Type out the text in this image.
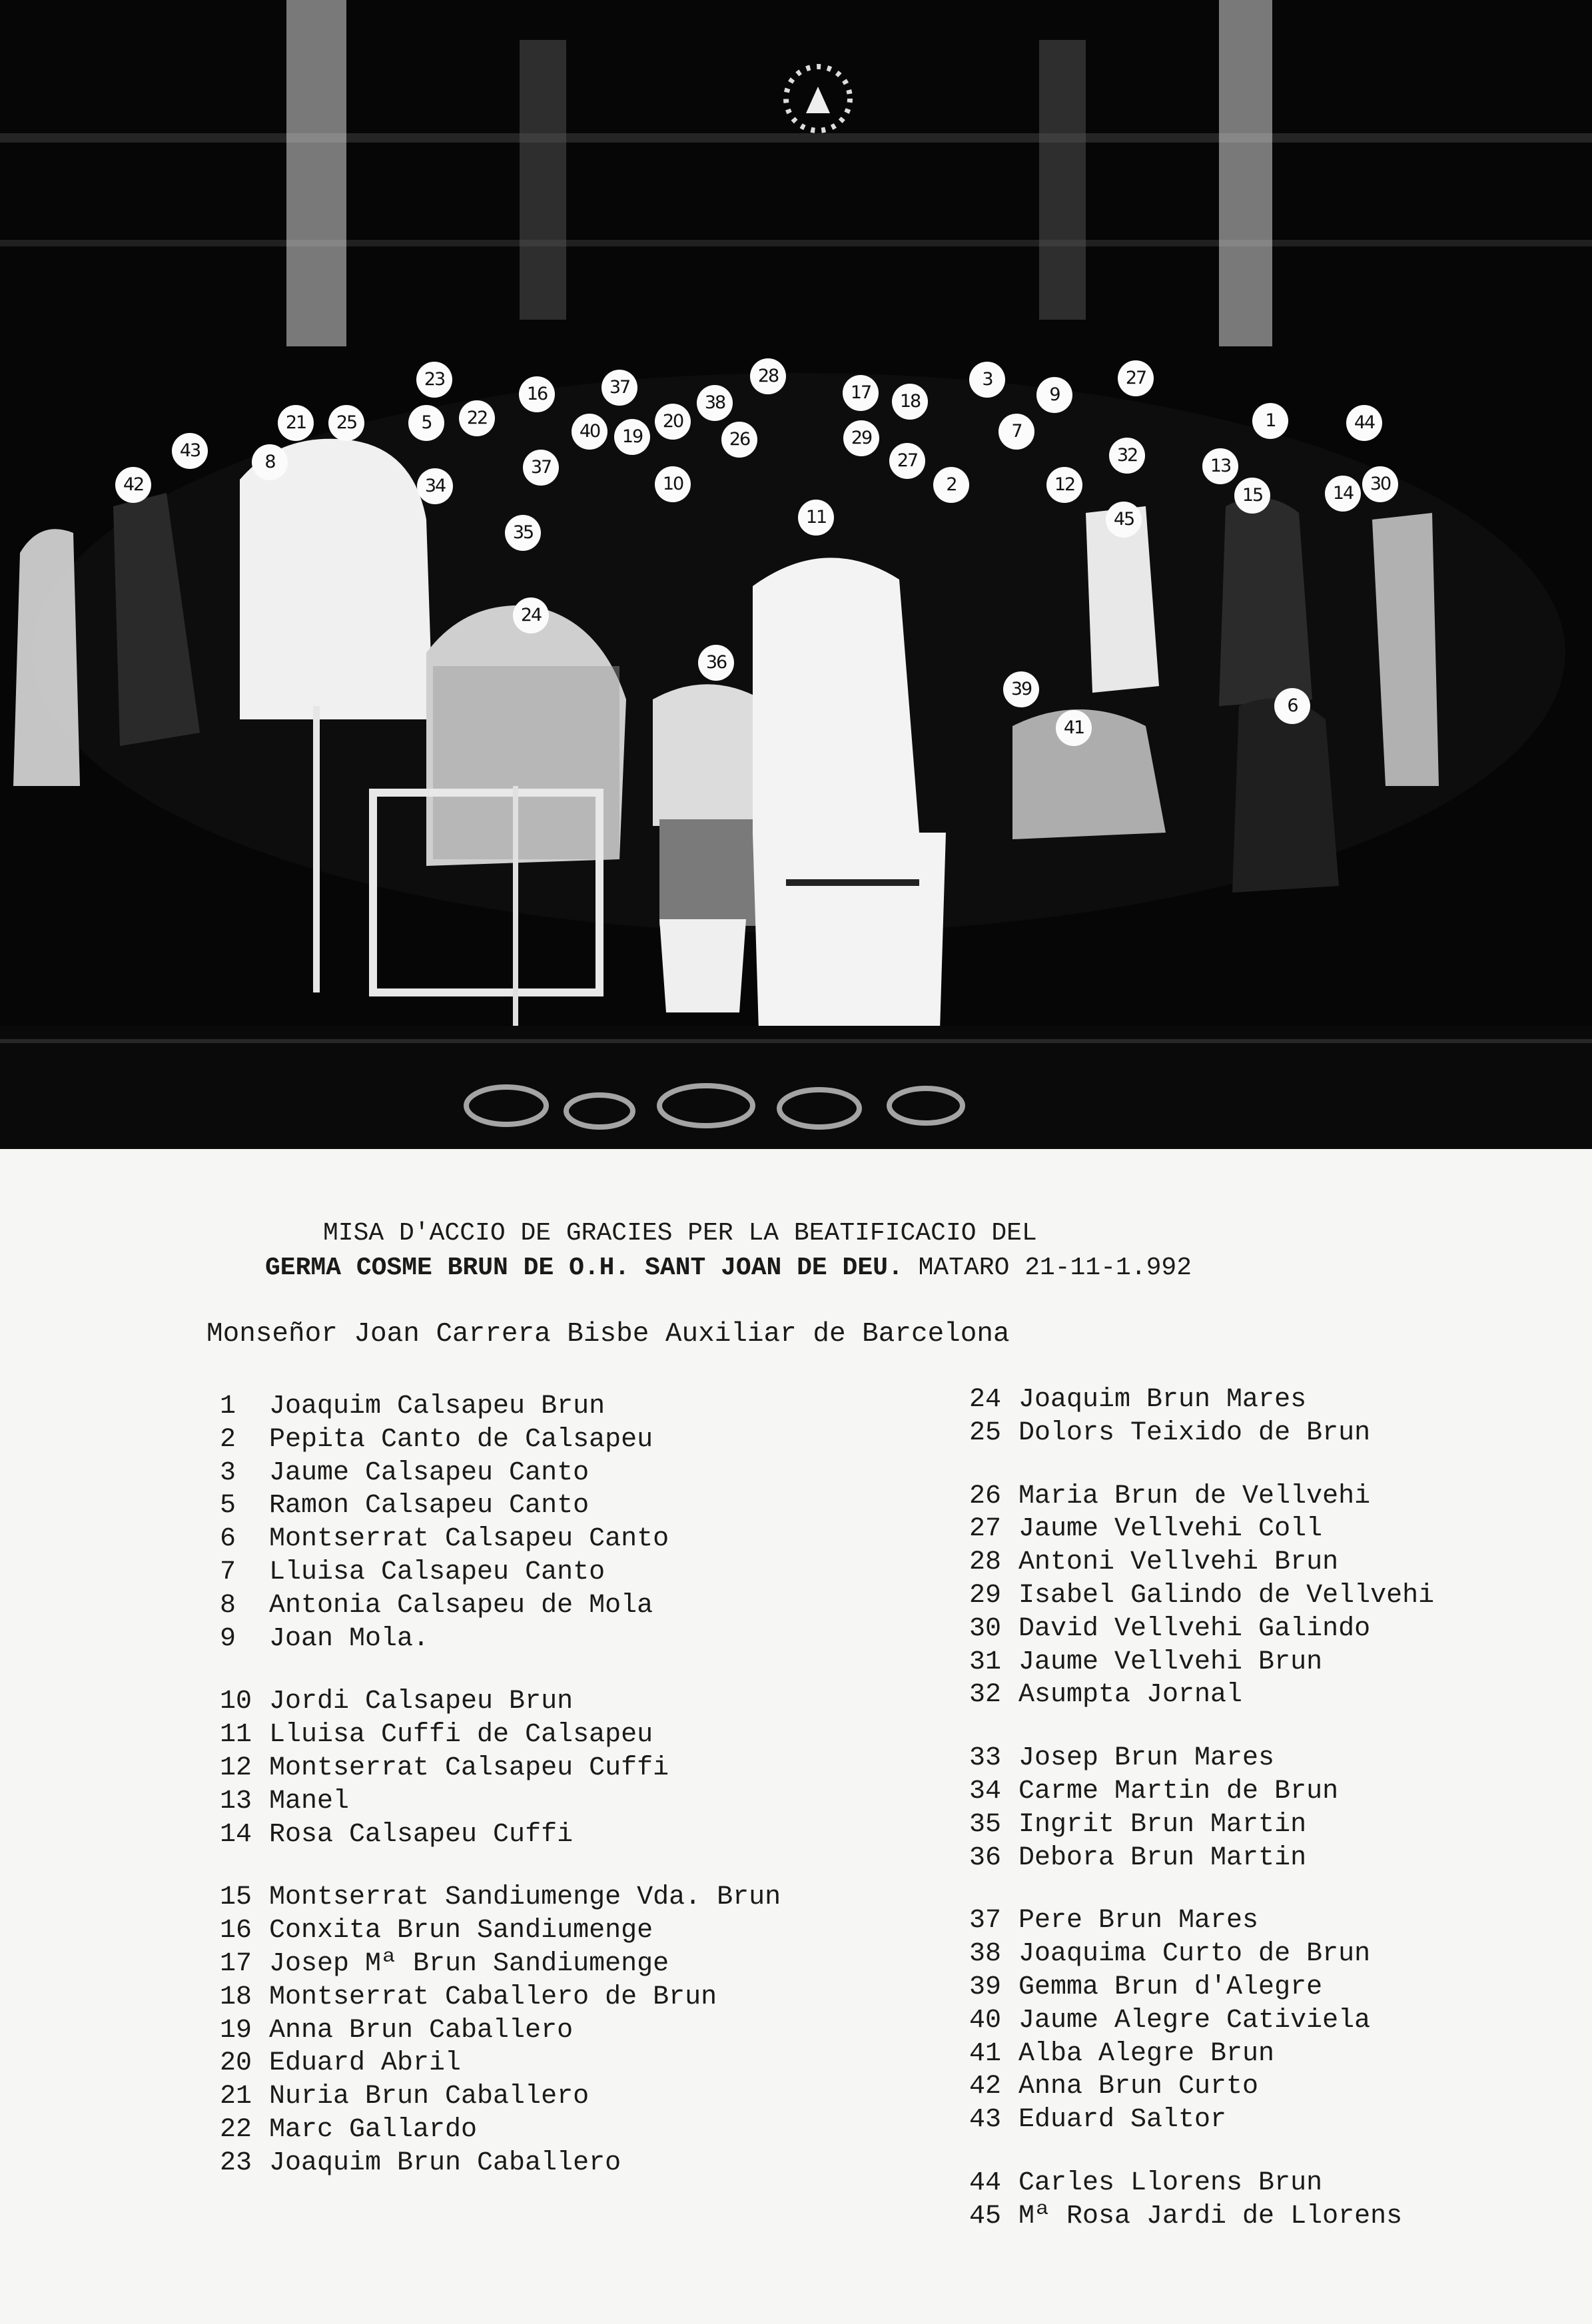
1
2
3
5
6
7
8
9
10
11
12
13
14
15
16	17	18
19
20
21	22
23
24
25
26
27
27
28
29
30
32
34
35
36
37
37
38
39
40
41
42
43
44
45
MISA D'ACCIO DE GRACIES PER LA BEATIFICACIO DEL
GERMA COSME BRUN DE O.H. SANT JOAN DE DEU. MATARO 21-11-1.992
Monseñor Joan Carrera Bisbe Auxiliar de Barcelona
1 Joaquim Calsapeu Brun
2 Pepita Canto de Calsapeu
3 Jaume Calsapeu Canto
5 Ramon Calsapeu Canto
6 Montserrat Calsapeu Canto
7 Lluisa Calsapeu Canto
8 Antonia Calsapeu de Mola
9 Joan Mola.
10 Jordi Calsapeu Brun
11 Lluisa Cuffi de Calsapeu
12 Montserrat Calsapeu Cuffi
13 Manel
14 Rosa Calsapeu Cuffi
15 Montserrat Sandiumenge Vda. Brun
16 Conxita Brun Sandiumenge
17 Josep Mª Brun Sandiumenge
18 Montserrat Caballero de Brun
19 Anna Brun Caballero
20 Eduard Abril
21 Nuria Brun Caballero
22 Marc Gallardo
23 Joaquim Brun Caballero
24 Joaquim Brun Mares
25 Dolors Teixido de Brun
26 Maria Brun de Vellvehi
27 Jaume Vellvehi Coll
28 Antoni Vellvehi Brun
29 Isabel Galindo de Vellvehi
30 David Vellvehi Galindo
31 Jaume Vellvehi Brun
32 Asumpta Jornal
33 Josep Brun Mares
34 Carme Martin de Brun
35 Ingrit Brun Martin
36 Debora Brun Martin
37 Pere Brun Mares
38 Joaquima Curto de Brun
39 Gemma Brun d'Alegre
40 Jaume Alegre Cativiela
41 Alba Alegre Brun
42 Anna Brun Curto
43 Eduard Saltor
44 Carles Llorens Brun
45 Mª Rosa Jardi de Llorens
